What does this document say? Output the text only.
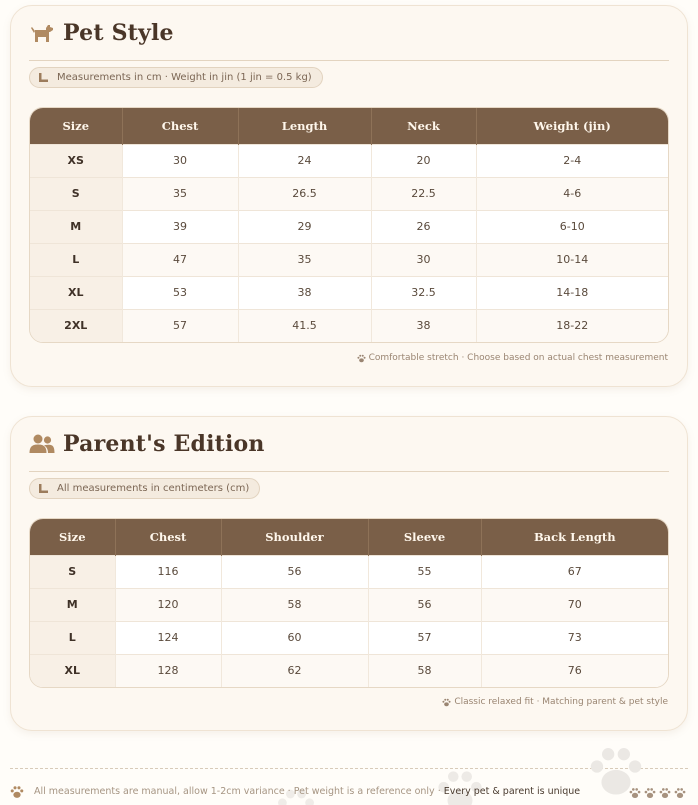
Pet Style
Measurements in cm · Weight in jin (1 jin = 0.5 kg)
Size	Chest	Length	Neck	Weight (jin)
XS	30	24	20	2-4
S	35	26.5	22.5	4-6
M	39	29	26	6-10
L	47	35	30	10-14
XL	53	38	32.5	14-18
2XL	57	41.5	38	18-22
Comfortable stretch · Choose based on actual chest measurement
Parent's Edition
All measurements in centimeters (cm)
Size	Chest	Shoulder	Sleeve	Back Length
S	116	56	55	67
M	120	58	56	70
L	124	60	57	73
XL	128	62	58	76
Classic relaxed fit · Matching parent & pet style
All measurements are manual, allow 1-2cm variance · Pet weight is a reference only · Every pet & parent is unique
